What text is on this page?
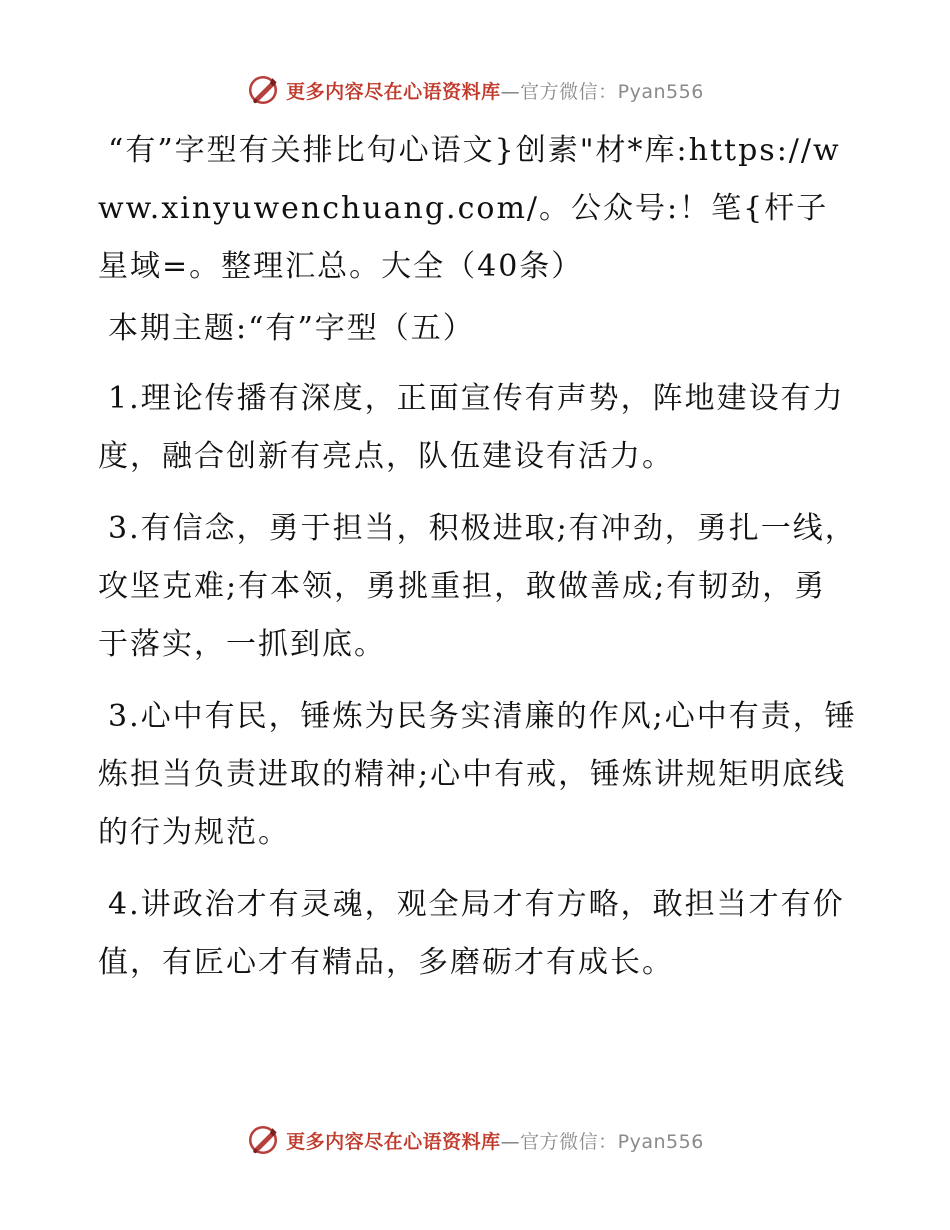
更多内容尽在心语资料库—官方微信：Pyan556

“有”字型有关排比句心语文}创素"材*库:https://www.xinyuwenchuang.com/。公众号:！笔{杆子星域=。整理汇总。大全（40条）

本期主题:“有”字型（五）

1.理论传播有深度，正面宣传有声势，阵地建设有力度，融合创新有亮点，队伍建设有活力。

3.有信念，勇于担当，积极进取;有冲劲，勇扎一线，攻坚克难;有本领，勇挑重担，敢做善成;有韧劲，勇于落实，一抓到底。

3.心中有民，锤炼为民务实清廉的作风;心中有责，锤炼担当负责进取的精神;心中有戒，锤炼讲规矩明底线的行为规范。

4.讲政治才有灵魂，观全局才有方略，敢担当才有价值，有匠心才有精品，多磨砺才有成长。

更多内容尽在心语资料库—官方微信：Pyan556
